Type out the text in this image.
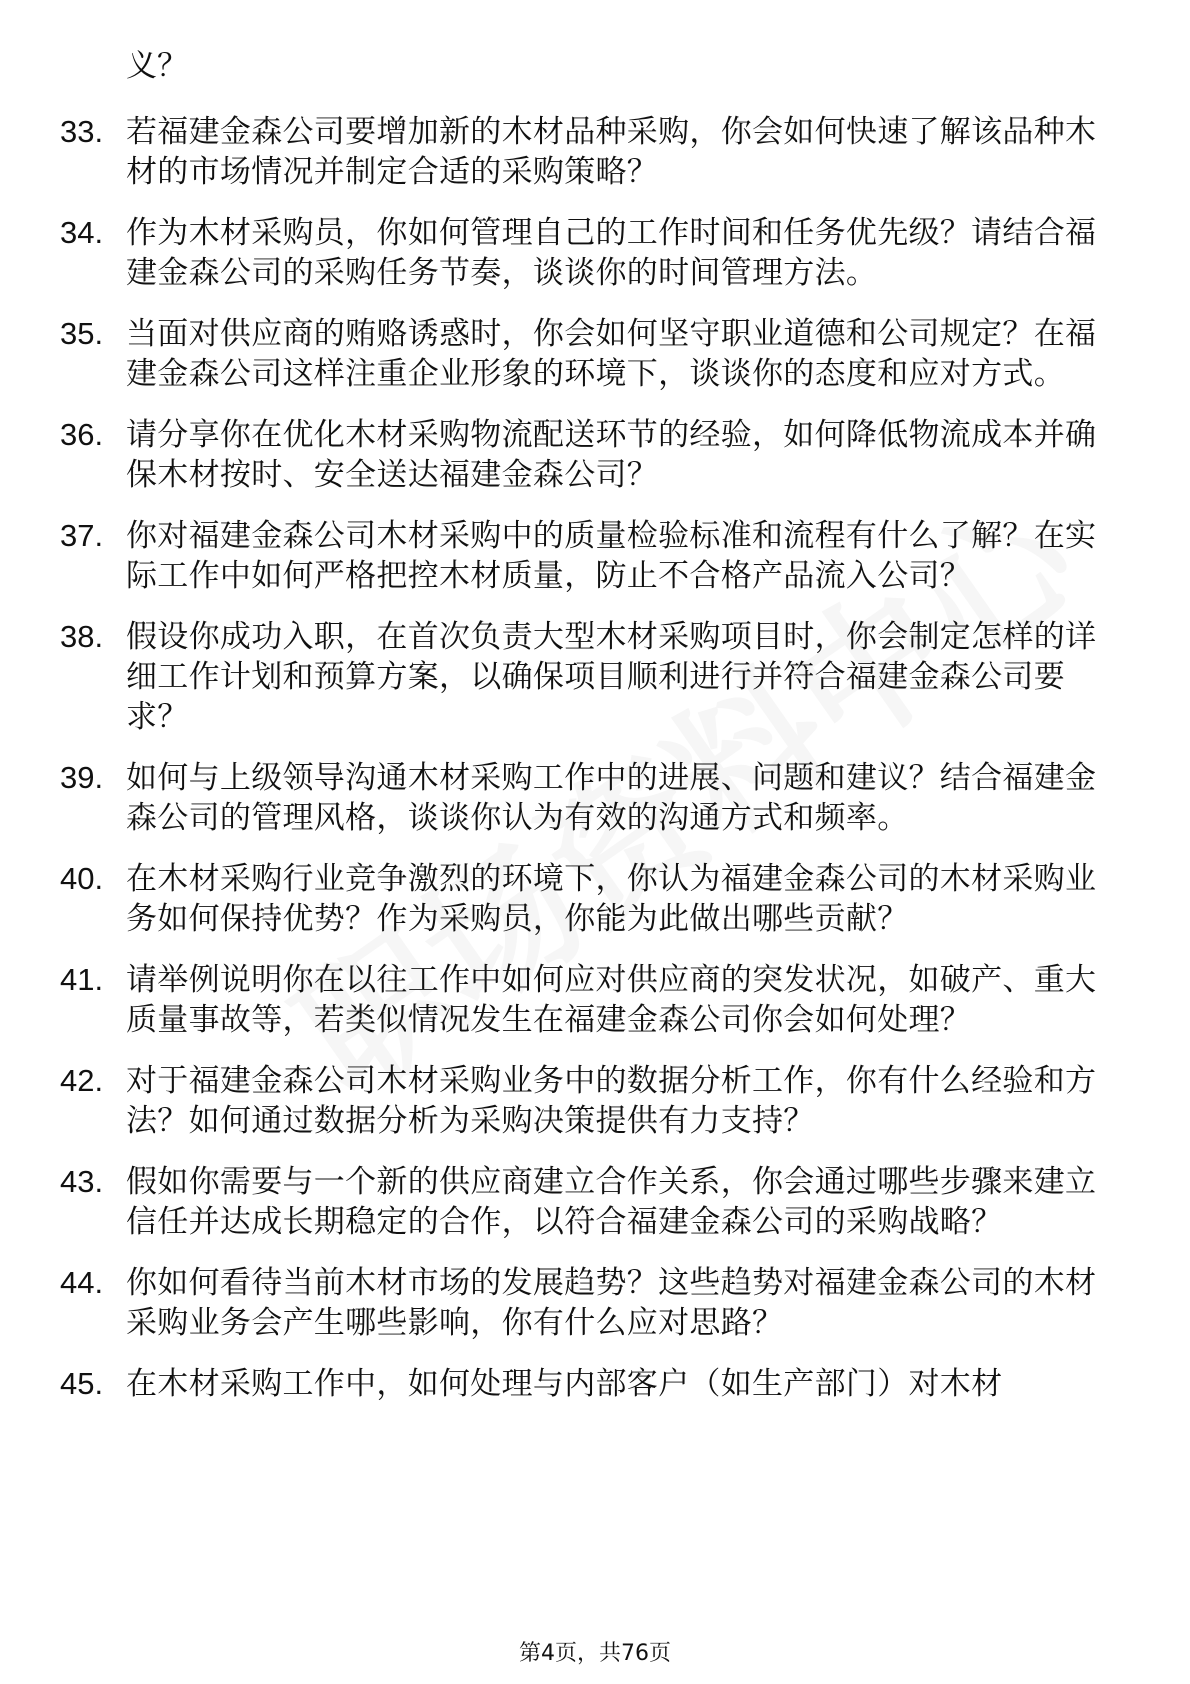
义？
33. 若福建金森公司要增加新的木材品种采购，你会如何快速了解该品种木材的市场情况并制定合适的采购策略？
34. 作为木材采购员，你如何管理自己的工作时间和任务优先级？请结合福建金森公司的采购任务节奏，谈谈你的时间管理方法。
35. 当面对供应商的贿赂诱惑时，你会如何坚守职业道德和公司规定？在福建金森公司这样注重企业形象的环境下，谈谈你的态度和应对方式。
36. 请分享你在优化木材采购物流配送环节的经验，如何降低物流成本并确保木材按时、安全送达福建金森公司？
37. 你对福建金森公司木材采购中的质量检验标准和流程有什么了解？在实际工作中如何严格把控木材质量，防止不合格产品流入公司？
38. 假设你成功入职，在首次负责大型木材采购项目时，你会制定怎样的详细工作计划和预算方案，以确保项目顺利进行并符合福建金森公司要求？
39. 如何与上级领导沟通木材采购工作中的进展、问题和建议？结合福建金森公司的管理风格，谈谈你认为有效的沟通方式和频率。
40. 在木材采购行业竞争激烈的环境下，你认为福建金森公司的木材采购业务如何保持优势？作为采购员，你能为此做出哪些贡献？
41. 请举例说明你在以往工作中如何应对供应商的突发状况，如破产、重大质量事故等，若类似情况发生在福建金森公司你会如何处理？
42. 对于福建金森公司木材采购业务中的数据分析工作，你有什么经验和方法？如何通过数据分析为采购决策提供有力支持？
43. 假如你需要与一个新的供应商建立合作关系，你会通过哪些步骤来建立信任并达成长期稳定的合作，以符合福建金森公司的采购战略？
44. 你如何看待当前木材市场的发展趋势？这些趋势对福建金森公司的木材采购业务会产生哪些影响，你有什么应对思路？
45. 在木材采购工作中，如何处理与内部客户（如生产部门）对木材
第4页，共76页
